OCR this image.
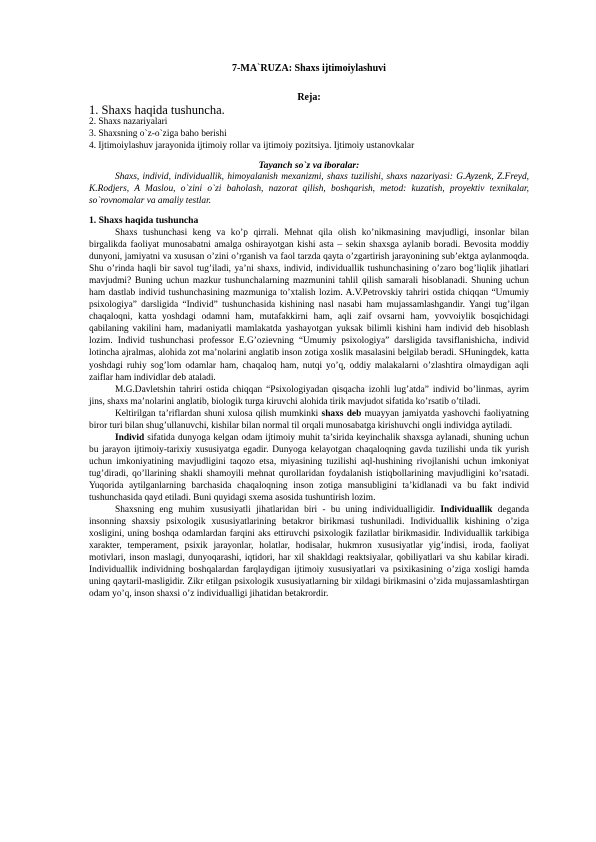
7-MA`RUZA: Shaxs ijtimoiylashuvi
Reja:
1. Shaxs haqida tushuncha.
2. Shaxs nazariyalari
3. Shaxsning o`z-o`ziga baho berishi
4. Ijtimoiylashuv jarayonida ijtimoiy rollar va ijtimoiy pozitsiya. Ijtimoiy ustanovkalar
Tayanch so`z va iboralar:
Shaxs, individ, individuallik, himoyalanish mexanizmi, shaxs tuzilishi, shaxs nazariyasi: G.Ayzenk, Z.Freyd, K.Rodjers, A Maslou, o`zini o`zi baholash, nazorat qilish, boshqarish, metod: kuzatish, proyektiv texnikalar, so`rovnomalar va amaliy testlar.
1. Shaxs haqida tushuncha

Shaxs tushunchasi keng va ko’p qirrali. Mehnat qila olish ko’nikmasining mavjudligi, insonlar bilan birgalikda faoliyat munosabatni amalga oshirayotgan kishi asta – sekin shaxsga aylanib boradi. Bevosita moddiy dunyoni, jamiyatni va xususan o’zini o’rganish va faol tarzda qayta o’zgartirish jarayonining sub’ektga aylanmoqda. Shu o’rinda haqli bir savol tug’iladi, ya’ni shaxs, individ, individuallik tushunchasining o’zaro bog’liqlik jihatlari mavjudmi? Buning uchun mazkur tushunchalarning mazmunini tahlil qilish samarali hisoblanadi. Shuning uchun ham dastlab individ tushunchasining mazmuniga to’xtalish lozim. A.V.Petrovskiy tahriri ostida chiqqan “Umumiy psixologiya” darsligida “Individ” tushunchasida kishining nasl nasabi ham mujassamlashgandir. Yangi tug’ilgan chaqaloqni, katta yoshdagi odamni ham, mutafakkirni ham, aqli zaif ovsarni ham, yovvoiylik bosqichidagi qabilaning vakilini ham, madaniyatli mamlakatda yashayotgan yuksak bilimli kishini ham individ deb hisoblash lozim. Individ tushunchasi professor E.G’ozievning “Umumiy psixologiya” darsligida tavsiflanishicha, individ lotincha ajralmas, alohida zot ma’nolarini anglatib inson zotiga xoslik masalasini belgilab beradi. SHuningdek, katta yoshdagi ruhiy sog’lom odamlar ham, chaqaloq ham, nutqi yo’q, oddiy malakalarni o’zlashtira olmaydigan aqli zaiflar ham individlar deb ataladi.

M.G.Davletshin tahriri ostida chiqqan “Psixologiyadan qisqacha izohli lug’atda” individ bo’linmas, ayrim jins, shaxs ma’nolarini anglatib, biologik turga kiruvchi alohida tirik mavjudot sifatida ko’rsatib o’tiladi.

Keltirilgan ta’riflardan shuni xulosa qilish mumkinki shaxs deb muayyan jamiyatda yashovchi faoliyatning biror turi bilan shug’ullanuvchi, kishilar bilan normal til orqali munosabatga kirishuvchi ongli individga aytiladi.

Individ sifatida dunyoga kelgan odam ijtimoiy muhit ta’sirida keyinchalik shaxsga aylanadi, shuning uchun bu jarayon ijtimoiy-tarixiy xususiyatga egadir. Dunyoga kelayotgan chaqaloqning gavda tuzilishi unda tik yurish uchun imkoniyatining mavjudligini taqozo etsa, miyasining tuzilishi aql-hushining rivojlanishi uchun imkoniyat tug’diradi, qo’llarining shakli shamoyili mehnat qurollaridan foydalanish istiqbollarining mavjudligini ko’rsatadi. Yuqorida aytilganlarning barchasida chaqaloqning inson zotiga mansubligini ta’kidlanadi va bu fakt individ tushunchasida qayd etiladi. Buni quyidagi sxema asosida tushuntirish lozim.

Shaxsning eng muhim xususiyatli jihatlaridan biri - bu uning individualligidir. Individuallik deganda insonning shaxsiy psixologik xususiyatlarining betakror birikmasi tushuniladi. Individuallik kishining o’ziga xosligini, uning boshqa odamlardan farqini aks ettiruvchi psixologik fazilatlar birikmasidir. Individuallik tarkibiga xarakter, temperament, psixik jarayonlar, holatlar, hodisalar, hukmron xususiyatlar yig’indisi, iroda, faoliyat motivlari, inson maslagi, dunyoqarashi, iqtidori, har xil shakldagi reaktsiyalar, qobiliyatlari va shu kabilar kiradi. Individuallik individning boshqalardan farqlaydigan ijtimoiy xususiyatlari va psixikasining o’ziga xosligi hamda uning qaytaril-masligidir. Zikr etilgan psixologik xususiyatlarning bir xildagi birikmasini o’zida mujassamlashtirgan odam yo’q, inson shaxsi o’z individualligi jihatidan betakrordir.
